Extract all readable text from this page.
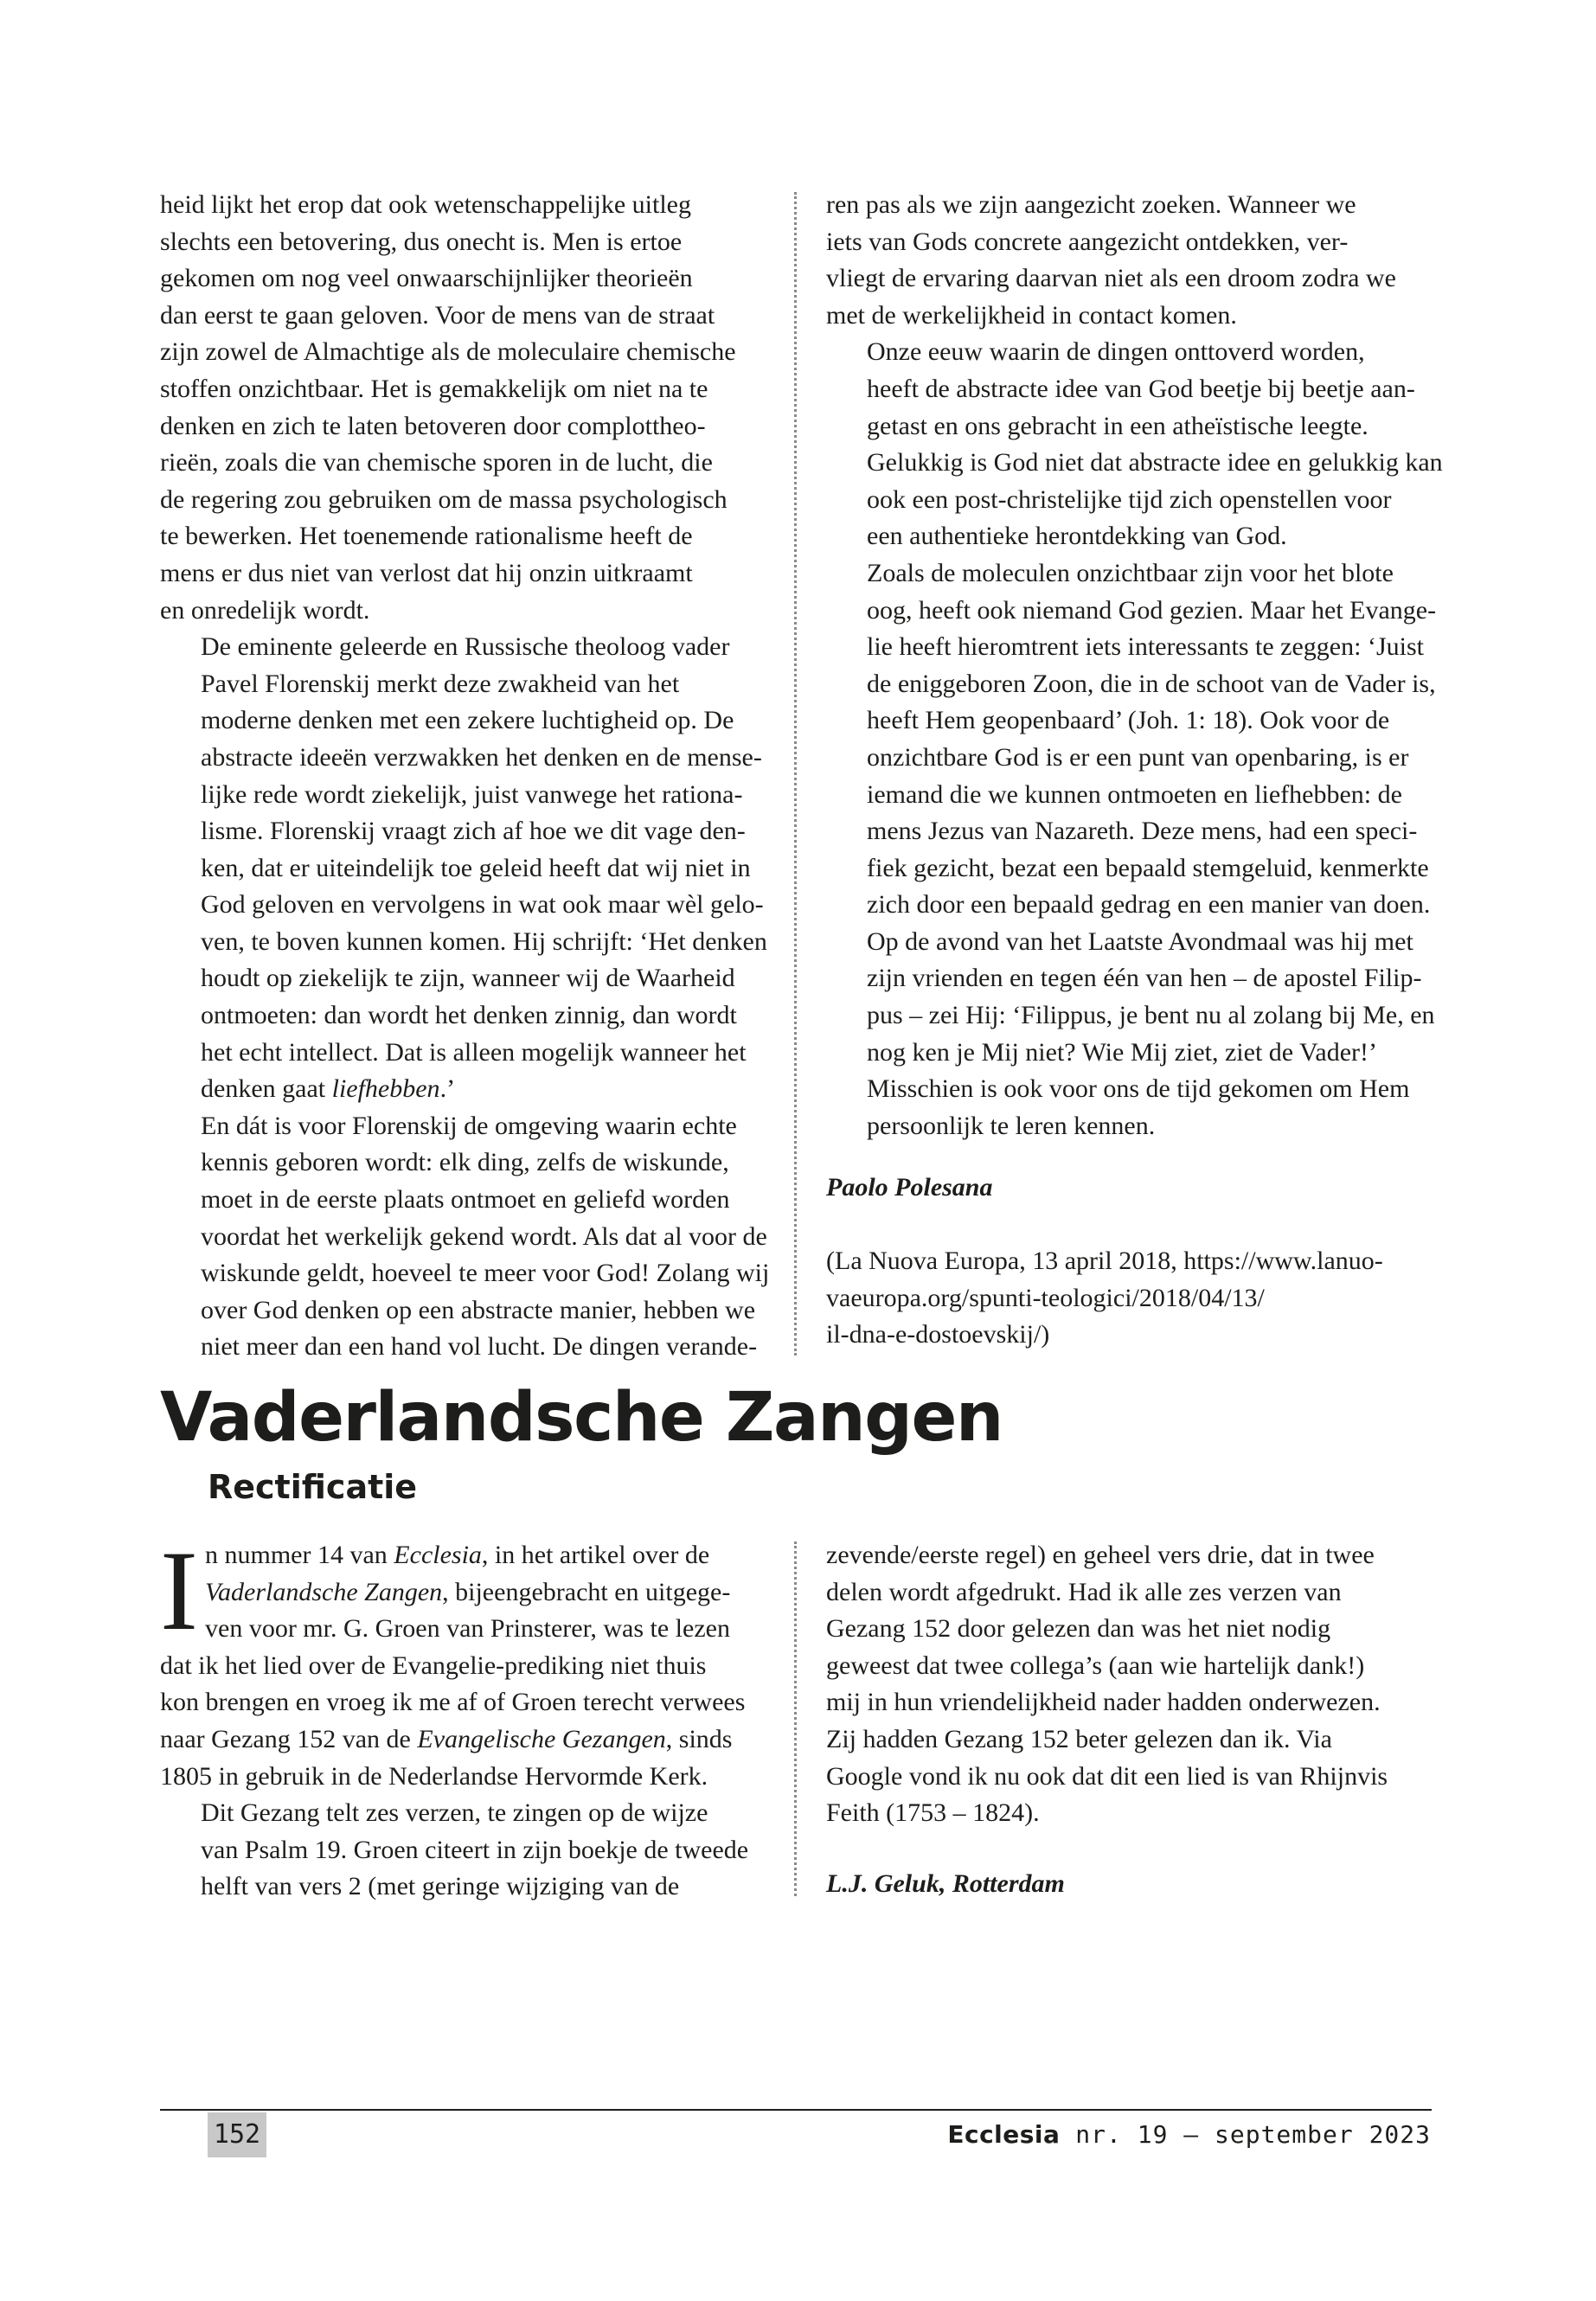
heid lijkt het erop dat ook wetenschappelijke uitleg
slechts een betovering, dus onecht is. Men is ertoe
gekomen om nog veel onwaarschijnlijker theorieën
dan eerst te gaan geloven. Voor de mens van de straat
zijn zowel de Almachtige als de moleculaire chemische
stoffen onzichtbaar. Het is gemakkelijk om niet na te
denken en zich te laten betoveren door complottheo-
rieën, zoals die van chemische sporen in de lucht, die
de regering zou gebruiken om de massa psychologisch
te bewerken. Het toenemende rationalisme heeft de
mens er dus niet van verlost dat hij onzin uitkraamt
en onredelijk wordt.

De eminente geleerde en Russische theoloog vader
Pavel Florenskij merkt deze zwakheid van het
moderne denken met een zekere luchtigheid op. De
abstracte ideeën verzwakken het denken en de mense-
lijke rede wordt ziekelijk, juist vanwege het rationa-
lisme. Florenskij vraagt zich af hoe we dit vage den-
ken, dat er uiteindelijk toe geleid heeft dat wij niet in
God geloven en vervolgens in wat ook maar wèl gelo-
ven, te boven kunnen komen. Hij schrijft: ‘Het denken
houdt op ziekelijk te zijn, wanneer wij de Waarheid
ontmoeten: dan wordt het denken zinnig, dan wordt
het echt intellect. Dat is alleen mogelijk wanneer het
denken gaat liefhebben.’

En dát is voor Florenskij de omgeving waarin echte
kennis geboren wordt: elk ding, zelfs de wiskunde,
moet in de eerste plaats ontmoet en geliefd worden
voordat het werkelijk gekend wordt. Als dat al voor de
wiskunde geldt, hoeveel te meer voor God! Zolang wij
over God denken op een abstracte manier, hebben we
niet meer dan een hand vol lucht. De dingen verande-

ren pas als we zijn aangezicht zoeken. Wanneer we
iets van Gods concrete aangezicht ontdekken, ver-
vliegt de ervaring daarvan niet als een droom zodra we
met de werkelijkheid in contact komen.

Onze eeuw waarin de dingen onttoverd worden,
heeft de abstracte idee van God beetje bij beetje aan-
getast en ons gebracht in een atheïstische leegte.
Gelukkig is God niet dat abstracte idee en gelukkig kan
ook een post-christelijke tijd zich openstellen voor
een authentieke herontdekking van God.

Zoals de moleculen onzichtbaar zijn voor het blote
oog, heeft ook niemand God gezien. Maar het Evange-
lie heeft hieromtrent iets interessants te zeggen: ‘Juist
de eniggeboren Zoon, die in de schoot van de Vader is,
heeft Hem geopenbaard’ (Joh. 1: 18). Ook voor de
onzichtbare God is er een punt van openbaring, is er
iemand die we kunnen ontmoeten en liefhebben: de
mens Jezus van Nazareth. Deze mens, had een speci-
fiek gezicht, bezat een bepaald stemgeluid, kenmerkte
zich door een bepaald gedrag en een manier van doen.
Op de avond van het Laatste Avondmaal was hij met
zijn vrienden en tegen één van hen – de apostel Filip-
pus – zei Hij: ‘Filippus, je bent nu al zolang bij Me, en
nog ken je Mij niet? Wie Mij ziet, ziet de Vader!’

Misschien is ook voor ons de tijd gekomen om Hem
persoonlijk te leren kennen.

Paolo Polesana

(La Nuova Europa, 13 april 2018, https://www.lanuo-
vaeuropa.org/spunti-teologici/2018/04/13/
il-dna-e-dostoevskij/)

Vaderlandsche Zangen
Rectificatie
I n nummer 14 van Ecclesia, in het artikel over de
Vaderlandsche Zangen, bijeengebracht en uitgege-
ven voor mr. G. Groen van Prinsterer, was te lezen
dat ik het lied over de Evangelie-prediking niet thuis
kon brengen en vroeg ik me af of Groen terecht verwees
naar Gezang 152 van de Evangelische Gezangen, sinds
1805 in gebruik in de Nederlandse Hervormde Kerk.

Dit Gezang telt zes verzen, te zingen op de wijze
van Psalm 19. Groen citeert in zijn boekje de tweede
helft van vers 2 (met geringe wijziging van de

zevende/eerste regel) en geheel vers drie, dat in twee
delen wordt afgedrukt. Had ik alle zes verzen van
Gezang 152 door gelezen dan was het niet nodig
geweest dat twee collega’s (aan wie hartelijk dank!)
mij in hun vriendelijkheid nader hadden onderwezen.
Zij hadden Gezang 152 beter gelezen dan ik. Via
Google vond ik nu ook dat dit een lied is van Rhijnvis
Feith (1753 – 1824).

L.J. Geluk, Rotterdam

152	Ecclesia nr. 19 – september 2023
